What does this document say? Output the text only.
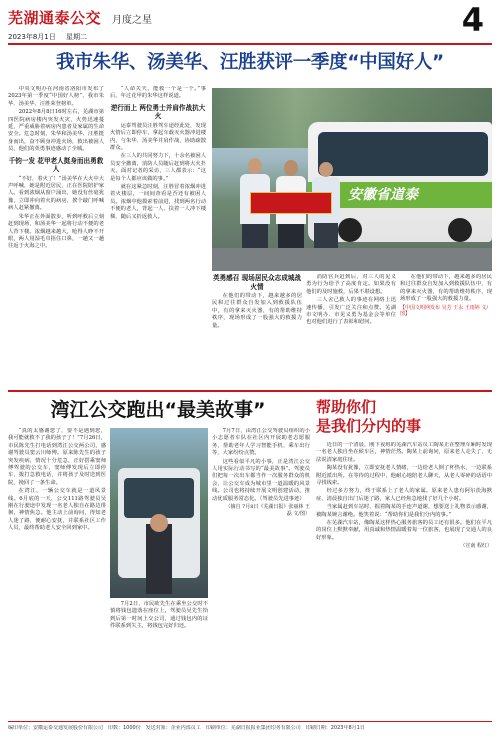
芜湖通泰公交 月度之星	4
2023年8月1日 星期二
我市朱华、汤美华、汪胜获评一季度“中国好人”

中央文明办在河南省洛阳市发布了2023年第一季度“中国好人榜”，我市朱华、汤美华、汪胜荣登榜单。

2022年8月8日16时左右，芜湖市第四医院病房楼内突发火灾，火势迅速蔓延，严重威胁着病房内患者及家属的生命安全。危急时刻，朱华和汤美华、汪胜挺身而出，奋不顾身冲进火场，救出被困人员，他们的英勇事迹感动了全城。

千钧一发 花甲老人挺身而出勇救人

“不好，着火了！”汤美华在大火中大声呼喊，她是附近居民，正在医院陪护家人。看到浓烟从窗户涌出，她没有丝毫犹豫，立即冲向着火的病房，挨个敲门呼喊病人赶紧撤离。

朱华正在外面散步，听到呼救后立刻赶到现场，和汤美华一起将行动不便的老人背下楼。浓烟越来越大，呛得人睁不开眼，两人用湿毛巾捂住口鼻，一趟又一趟往返于火海之中。

“人命关天，能救一个是一个。”事后，年过花甲的朱华这样说道。

逆行而上 两位勇士并肩作战抗大火

运泰驾驶员汪胜驾车途经此处，发现火情后立即停车，拿起车载灭火器冲进楼内，与朱华、汤美华并肩作战，协助疏散群众。

在三人的共同努力下，十余名被困人员安全撤离，消防人员随后赶到将大火扑灭。面对记者的采访，三人都表示：“这是每个人都应该做的事。”

就在这紧急时刻，汪胜冒着浓烟冲进着火楼层，一间间查看是否还有被困人员。浓烟中他摸索着前进，找到两名行动不便的老人，背起一人、扶着一人冲下楼梯，随后又折返救人。

安徽省道泰
英勇感召 现场居民众志成城战火情

在他们的带动下，越来越多的居民和过往群众自发加入到救援队伍中，有的拿来灭火器，有的帮助维持秩序，现场形成了一股强大的救援力量。

消防官兵赶到后，对三人的见义勇为行为给予了高度肯定。如果没有他们的及时施救，后果不堪设想。

三人舍己救人的事迹在网络上迅速传播，引发广泛关注和点赞。芜湖市文明办、市见义勇为基金会等单位也对他们进行了表彰和慰问。

在他们的带动下，越来越多的居民和过往群众自发加入到救援队伍中，有的拿来灭火器，有的帮助维持秩序，现场形成了一股强大的救援力量。

【中国文明网发布 吴芳 王永 王雨婷 文/图】

湾江公交跑出“最美故事”

“真的太感谢您了，要不是遇到您，我可能就救不了我的孩子了！”7月26日，市民陈先生打电话到湾江公交两公司，感谢驾驶员窦云川师傅。原来陈先生的孩子突发疾病，情况十分危急，正好搭乘窦师傅驾驶的公交车，窦师傅发现后立即停车，拨打急救电话，并将孩子及时送到医院，挽回了一条生命。

在湾江，一辆公交车就是一道风景线。6月底的一天，公交111路驾驶员吴刚在行驶途中发现一名老人独自在路边徘徊，神情焦急。他主动上前询问，得知老人迷了路，便耐心安抚，并联系社区工作人员，最终帮助老人安全回到家中。

7月2日，市民欧先生在乘坐公交时不慎将钱包遗落在座位上，驾驶员吴先生拾到后第一时间上交公司，通过钱包内的证件联系到失主，将钱包完好归还。

7月7日，由湾江公交驾驶员组织的小小志愿者车队在社区内开展助老志愿服务，帮助老年人学习智能手机、乘车出行等，大家纷纷点赞。

这些看似平凡的小事，正是湾江公交人用实际行动书写的“最美故事”。驾驶员们把每一次出车都当作一次服务群众的机会，让公交车成为城市里一道温暖的风景线。公司也将持续开展文明创建活动，推动优质服务常态化。（驾驶员先进事迹）

（摘自 7月8日《芜湖日报》张丽林 王磊 文/图）

帮助你们
是我们分内的事

近日的一个清晨，刚下夜班的芜湖汽车站员工陶某正在整理车厢时发现一名老人独自坐在候车区，神情茫然。陶某上前询问，原来老人走失了，无法说清家庭住址。

陶某没有犹豫，立即安抚老人情绪，一边给老人倒了杯热水，一边联系附近派出所。在等待的过程中，他耐心地陪老人聊天，从老人零碎的话语中寻找线索。

经过多方努力，终于联系上了老人的家属。原来老人患有阿尔茨海默症，清晨独自出门后迷了路，家人已经焦急地找了好几个小时。

当家属赶到车站时，握着陶某的手连声道谢，想要送上礼物表示感谢，被陶某婉言谢绝。他笑着说：“帮助你们是我们分内的事。”

在芜湖汽车站，像陶某这样热心服务旅客的员工还有很多。他们在平凡的岗位上默默奉献，用真诚和热情温暖着每一位旅客，也展现了交通人的良好形象。

（宣南 程红）

编印单位：安徽运泰交通发展股份有限公司　印数：1000份　发送对象：企业内部员工　印刷单位：芜湖日报报业集团印务有限公司　印刷日期：2023年8月1日
